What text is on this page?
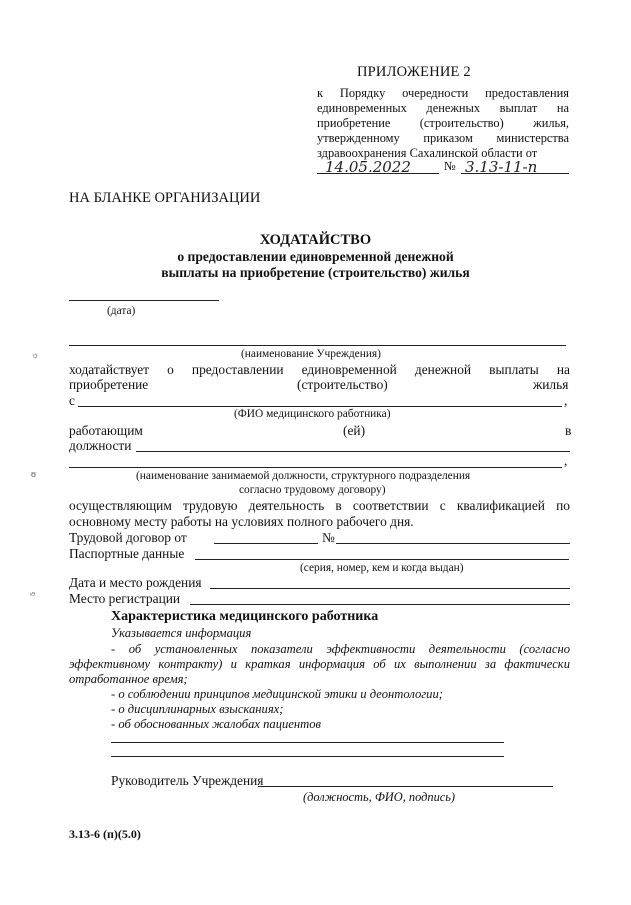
ПРИЛОЖЕНИЕ 2
к Порядку очередности предоставления единовременных денежных выплат на приобретение (строительство) жилья, утвержденному приказом министерства здравоохранения Сахалинской области от
14.05.2022	№ 3.13-11-п
НА БЛАНКЕ ОРГАНИЗАЦИИ
ХОДАТАЙСТВО
о предоставлении единовременной денежной
выплаты на приобретение (строительство) жилья
(дата)
(наименование Учреждения)
ходатайствует о предоставлении единовременной денежной выплаты на
приобретение	(строительство)	жилья
с	,
(ФИО медицинского работника)
работающим	(ей)	в
должности
,
(наименование занимаемой должности, структурного подразделения
согласно трудовому договору)
осуществляющим трудовую деятельность в соответствии с квалификацией по
основному месту работы на условиях полного рабочего дня.
Трудовой договор от	№
Паспортные данные
(серия, номер, кем и когда выдан)
Дата и место рождения
Место регистрации
Характеристика медицинского работника
Указывается информация
- об установленных показатели эффективности деятельности (согласно
эффективному контракту) и краткая информация об их выполнении за фактически
отработанное время;
- о соблюдении принципов медицинской этики и деонтологии;
- о дисциплинарных взысканиях;
- об обоснованных жалобах пациентов
Руководитель Учреждения
(должность, ФИО, подпись)
3.13-6 (п)(5.0)
☼
ʊ
ˢ⁹
